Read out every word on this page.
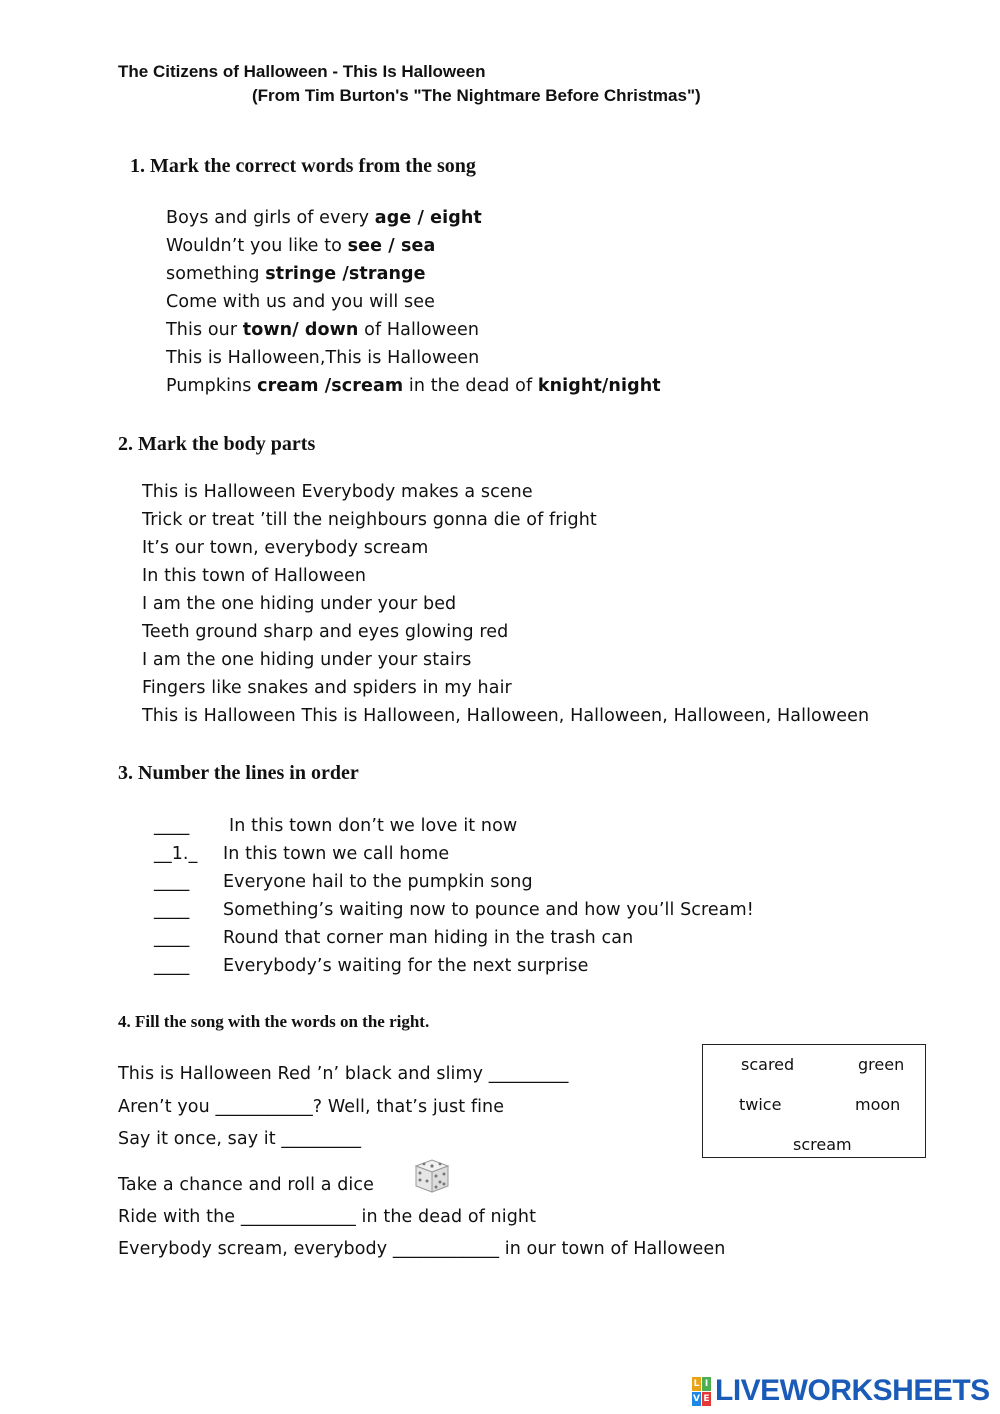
The Citizens of Halloween - This Is Halloween
(From Tim Burton's "The Nightmare Before Christmas")
1. Mark the correct words from the song
Boys and girls of every age / eight
Wouldn’t you like to see / sea
something stringe /strange
Come with us and you will see
This our town/ down of Halloween
This is Halloween,This is Halloween
Pumpkins cream /scream in the dead of knight/night
2. Mark the body parts
This is Halloween Everybody makes a scene
Trick or treat ’till the neighbours gonna die of fright
It’s our town, everybody scream
In this town of Halloween
I am the one hiding under your bed
Teeth ground sharp and eyes glowing red
I am the one hiding under your stairs
Fingers like snakes and spiders in my hair
This is Halloween This is Halloween, Halloween, Halloween, Halloween, Halloween
3. Number the lines in order
____ In this town don’t we love it now
__1._ In this town we call home
____ Everyone hail to the pumpkin song
____ Something’s waiting now to pounce and how you’ll Scream!
____ Round that corner man hiding in the trash can
____ Everybody’s waiting for the next surprise
4. Fill the song with the words on the right.
This is Halloween Red ’n’ black and slimy _________
Aren’t you ___________? Well, that’s just fine
Say it once, say it _________
Take a chance and roll a dice
Ride with the _____________ in the dead of night
Everybody scream, everybody ____________ in our town of Halloween
scared	green
twice	moon
scream
L I
V E LIVEWORKSHEETS
